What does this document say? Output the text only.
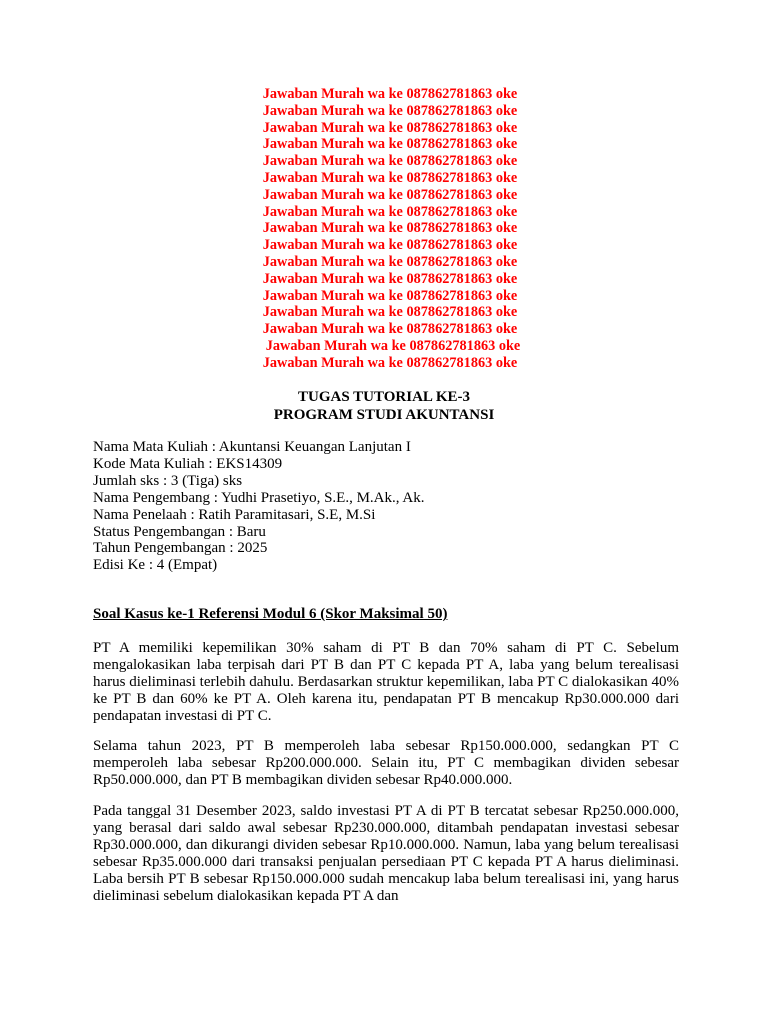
Jawaban Murah wa ke 087862781863 oke
Jawaban Murah wa ke 087862781863 oke
Jawaban Murah wa ke 087862781863 oke
Jawaban Murah wa ke 087862781863 oke
Jawaban Murah wa ke 087862781863 oke
Jawaban Murah wa ke 087862781863 oke
Jawaban Murah wa ke 087862781863 oke
Jawaban Murah wa ke 087862781863 oke
Jawaban Murah wa ke 087862781863 oke
Jawaban Murah wa ke 087862781863 oke
Jawaban Murah wa ke 087862781863 oke
Jawaban Murah wa ke 087862781863 oke
Jawaban Murah wa ke 087862781863 oke
Jawaban Murah wa ke 087862781863 oke
Jawaban Murah wa ke 087862781863 oke
Jawaban Murah wa ke 087862781863 oke
Jawaban Murah wa ke 087862781863 oke
TUGAS TUTORIAL KE-3
PROGRAM STUDI AKUNTANSI
Nama Mata Kuliah : Akuntansi Keuangan Lanjutan I
Kode Mata Kuliah : EKS14309
Jumlah sks : 3 (Tiga) sks
Nama Pengembang : Yudhi Prasetiyo, S.E., M.Ak., Ak.
Nama Penelaah : Ratih Paramitasari, S.E, M.Si
Status Pengembangan : Baru
Tahun Pengembangan : 2025
Edisi Ke : 4 (Empat)
Soal Kasus ke-1 Referensi Modul 6 (Skor Maksimal 50)

PT A memiliki kepemilikan 30% saham di PT B dan 70% saham di PT C. Sebelum mengalokasikan laba terpisah dari PT B dan PT C kepada PT A, laba yang belum terealisasi harus dieliminasi terlebih dahulu. Berdasarkan struktur kepemilikan, laba PT C dialokasikan 40% ke PT B dan 60% ke PT A. Oleh karena itu, pendapatan PT B mencakup Rp30.000.000 dari pendapatan investasi di PT C.

Selama tahun 2023, PT B memperoleh laba sebesar Rp150.000.000, sedangkan PT C memperoleh laba sebesar Rp200.000.000. Selain itu, PT C membagikan dividen sebesar Rp50.000.000, dan PT B membagikan dividen sebesar Rp40.000.000.

Pada tanggal 31 Desember 2023, saldo investasi PT A di PT B tercatat sebesar Rp250.000.000, yang berasal dari saldo awal sebesar Rp230.000.000, ditambah pendapatan investasi sebesar Rp30.000.000, dan dikurangi dividen sebesar Rp10.000.000. Namun, laba yang belum terealisasi sebesar Rp35.000.000 dari transaksi penjualan persediaan PT C kepada PT A harus dieliminasi. Laba bersih PT B sebesar Rp150.000.000 sudah mencakup laba belum terealisasi ini, yang harus dieliminasi sebelum dialokasikan kepada PT A dan
